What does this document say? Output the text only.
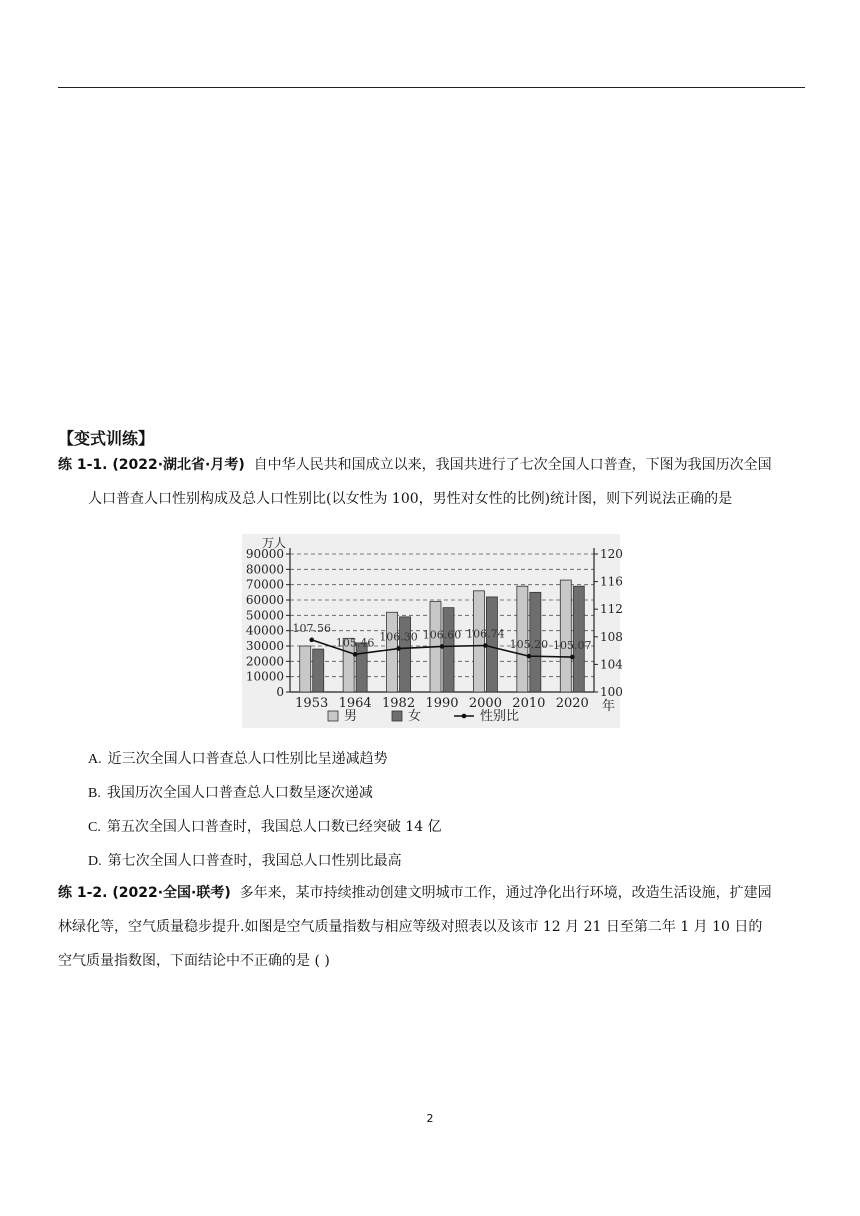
【变式训练】
练 1-1. (2022·湖北省·月考) 自中华人民共和国成立以来，我国共进行了七次全国人口普查，下图为我国历次全国
人口普查人口性别构成及总人口性别比(以女性为 100，男性对女性的比例)统计图，则下列说法正确的是
0
10000
20000
30000
40000
50000
60000
70000
80000
90000
100
104
108
112
116
120
万人
1953 1964 1982 1990 2000 2010 2020 年
107.56
105.46 106.30 106.60 106.74
105.20 105.07
男	女	性别比
A. 近三次全国人口普查总人口性别比呈递减趋势
B. 我国历次全国人口普查总人口数呈逐次递减
C. 第五次全国人口普查时，我国总人口数已经突破 14 亿
D. 第七次全国人口普查时，我国总人口性别比最高
练 1-2. (2022·全国·联考) 多年来，某市持续推动创建文明城市工作，通过净化出行环境，改造生活设施，扩建园
林绿化等，空气质量稳步提升.如图是空气质量指数与相应等级对照表以及该市 12 月 21 日至第二年 1 月 10 日的
空气质量指数图，下面结论中不正确的是 ( )
2
